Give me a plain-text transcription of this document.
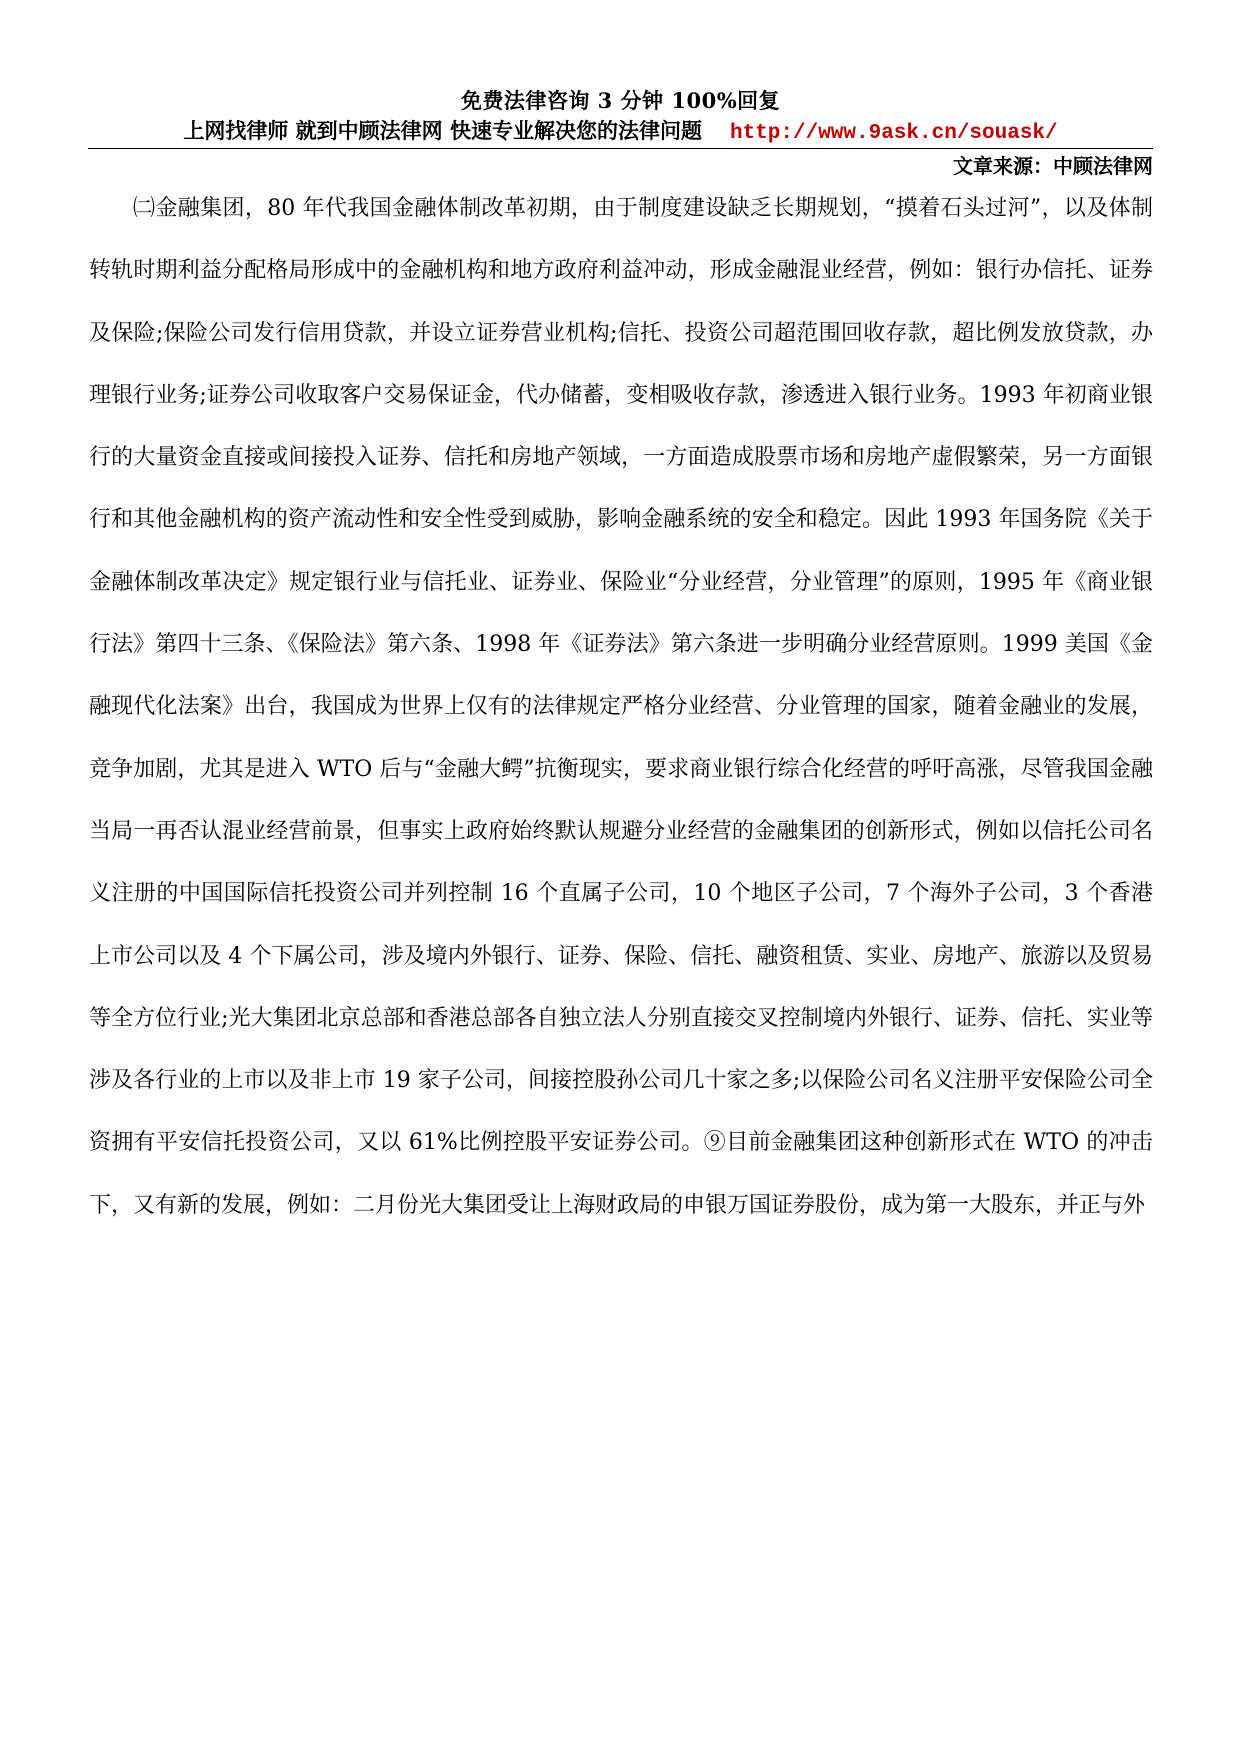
免费法律咨询 3 分钟 100%回复
上网找律师 就到中顾法律网 快速专业解决您的法律问题 http://www.9ask.cn/souask/
文章来源：中顾法律网

㈡金融集团，80 年代我国金融体制改革初期，由于制度建设缺乏长期规划，“摸着石头过河”，以及体制转轨时期利益分配格局形成中的金融机构和地方政府利益冲动，形成金融混业经营，例如：银行办信托、证券及保险;保险公司发行信用贷款，并设立证券营业机构;信托、投资公司超范围回收存款，超比例发放贷款，办理银行业务;证券公司收取客户交易保证金，代办储蓄，变相吸收存款，渗透进入银行业务。1993 年初商业银行的大量资金直接或间接投入证券、信托和房地产领域，一方面造成股票市场和房地产虚假繁荣，另一方面银行和其他金融机构的资产流动性和安全性受到威胁，影响金融系统的安全和稳定。因此 1993 年国务院《关于金融体制改革决定》规定银行业与信托业、证券业、保险业“分业经营，分业管理”的原则，1995 年《商业银行法》第四十三条、《保险法》第六条、1998 年《证券法》第六条进一步明确分业经营原则。1999 美国《金融现代化法案》出台，我国成为世界上仅有的法律规定严格分业经营、分业管理的国家，随着金融业的发展，竞争加剧，尤其是进入 WTO 后与“金融大鳄”抗衡现实，要求商业银行综合化经营的呼吁高涨，尽管我国金融当局一再否认混业经营前景，但事实上政府始终默认规避分业经营的金融集团的创新形式，例如以信托公司名义注册的中国国际信托投资公司并列控制 16 个直属子公司，10 个地区子公司，7 个海外子公司，3 个香港上市公司以及 4 个下属公司，涉及境内外银行、证券、保险、信托、融资租赁、实业、房地产、旅游以及贸易等全方位行业;光大集团北京总部和香港总部各自独立法人分别直接交叉控制境内外银行、证券、信托、实业等涉及各行业的上市以及非上市 19 家子公司，间接控股孙公司几十家之多;以保险公司名义注册平安保险公司全资拥有平安信托投资公司，又以 61%比例控股平安证券公司。⑨目前金融集团这种创新形式在 WTO 的冲击下，又有新的发展，例如：二月份光大集团受让上海财政局的申银万国证券股份，成为第一大股东，并正与外
